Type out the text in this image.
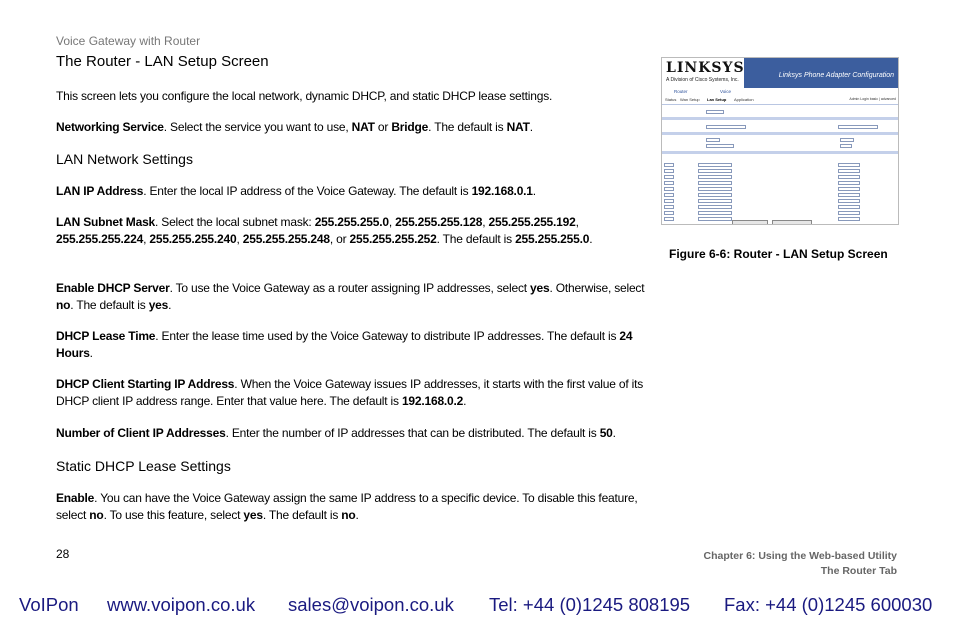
Voice Gateway with Router
The Router - LAN Setup Screen
This screen lets you configure the local network, dynamic DHCP, and static DHCP lease settings.
Networking Service. Select the service you want to use, NAT or Bridge. The default is NAT.
LAN Network Settings
LAN IP Address. Enter the local IP address of the Voice Gateway. The default is 192.168.0.1.
LAN Subnet Mask. Select the local subnet mask: 255.255.255.0, 255.255.255.128, 255.255.255.192, 255.255.255.224, 255.255.255.240, 255.255.255.248, or 255.255.255.252. The default is 255.255.255.0.
Enable DHCP Server. To use the Voice Gateway as a router assigning IP addresses, select yes. Otherwise, select no. The default is yes.
DHCP Lease Time. Enter the lease time used by the Voice Gateway to distribute IP addresses. The default is 24 Hours.
DHCP Client Starting IP Address. When the Voice Gateway issues IP addresses, it starts with the first value of its DHCP client IP address range. Enter that value here. The default is 192.168.0.2.
Number of Client IP Addresses. Enter the number of IP addresses that can be distributed. The default is 50.
Static DHCP Lease Settings
Enable. You can have the Voice Gateway assign the same IP address to a specific device. To disable this feature, select no. To use this feature, select yes. The default is no.
LINKSYS
A Division of Cisco Systems, Inc.
Linksys Phone Adapter Configuration
Router	Voice
Status Wan Setup Lan Setup Application	Admin Login basic | advanced
Figure 6-6: Router - LAN Setup Screen
28	Chapter 6: Using the Web-based Utility
The Router Tab
VoIPon www.voipon.co.uk sales@voipon.co.uk Tel: +44 (0)1245 808195 Fax: +44 (0)1245 600030
